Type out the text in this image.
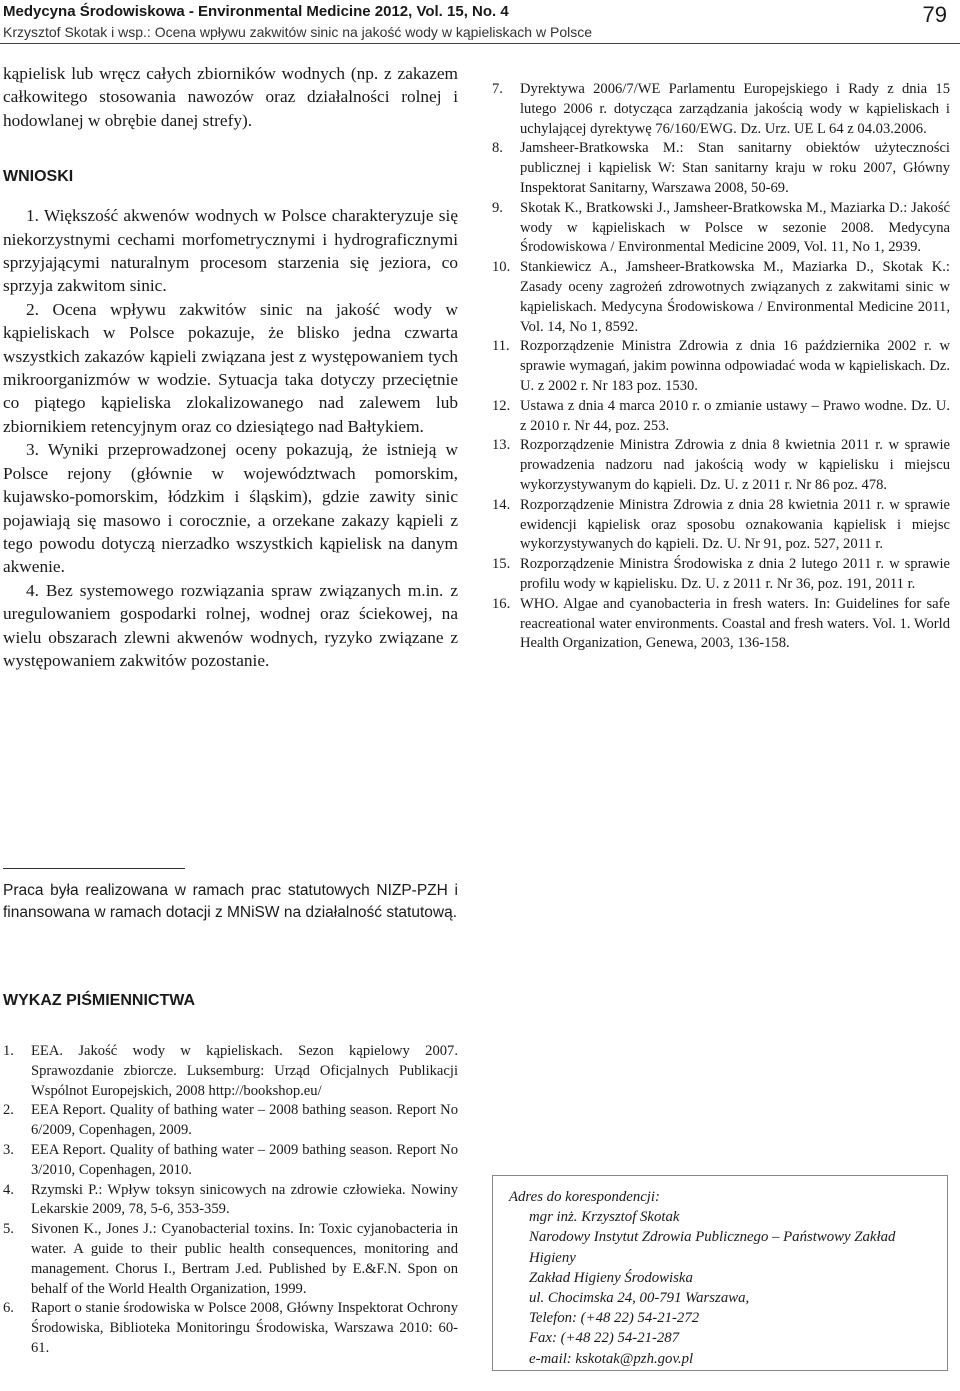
Medycyna Środowiskowa - Environmental Medicine 2012, Vol. 15, No. 4
Krzysztof Skotak i wsp.: Ocena wpływu zakwitów sinic na jakość wody w kąpieliskach w Polsce
79

kąpielisk lub wręcz całych zbiorników wodnych (np. z zakazem całkowitego stosowania nawozów oraz działalności rolnej i hodowlanej w obrębie danej strefy).

WNIOSKI

1. Większość akwenów wodnych w Polsce charakteryzuje się niekorzystnymi cechami morfometrycznymi i hydrograficznymi sprzyjającymi naturalnym procesom starzenia się jeziora, co sprzyja zakwitom sinic.

2. Ocena wpływu zakwitów sinic na jakość wody w kąpieliskach w Polsce pokazuje, że blisko jedna czwarta wszystkich zakazów kąpieli związana jest z występowaniem tych mikroorganizmów w wodzie. Sytuacja taka dotyczy przeciętnie co piątego kąpieliska zlokalizowanego nad zalewem lub zbiornikiem retencyjnym oraz co dziesiątego nad Bałtykiem.

3. Wyniki przeprowadzonej oceny pokazują, że istnieją w Polsce rejony (głównie w województwach pomorskim, kujawsko-pomorskim, łódzkim i śląskim), gdzie zawity sinic pojawiają się masowo i corocznie, a orzekane zakazy kąpieli z tego powodu dotyczą nierzadko wszystkich kąpielisk na danym akwenie.

4. Bez systemowego rozwiązania spraw związanych m.in. z uregulowaniem gospodarki rolnej, wodnej oraz ściekowej, na wielu obszarach zlewni akwenów wodnych, ryzyko związane z występowaniem zakwitów pozostanie.

Praca była realizowana w ramach prac statutowych NIZP-PZH i finansowana w ramach dotacji z MNiSW na działalność statutową.
WYKAZ PIŚMIENNICTWA
1. EEA. Jakość wody w kąpieliskach. Sezon kąpielowy 2007. Sprawozdanie zbiorcze. Luksemburg: Urząd Oficjalnych Publikacji Wspólnot Europejskich, 2008 http://bookshop.eu/
2. EEA Report. Quality of bathing water – 2008 bathing season. Report No 6/2009, Copenhagen, 2009.
3. EEA Report. Quality of bathing water – 2009 bathing season. Report No 3/2010, Copenhagen, 2010.
4. Rzymski P.: Wpływ toksyn sinicowych na zdrowie człowieka. Nowiny Lekarskie 2009, 78, 5-6, 353-359.
5. Sivonen K., Jones J.: Cyanobacterial toxins. In: Toxic cyjanobacteria in water. A guide to their public health consequences, monitoring and management. Chorus I., Bertram J.ed. Published by E.&F.N. Spon on behalf of the World Health Organization, 1999.
6. Raport o stanie środowiska w Polsce 2008, Główny Inspektorat Ochrony Środowiska, Biblioteka Monitoringu Środowiska, Warszawa 2010: 60-61.
7. Dyrektywa 2006/7/WE Parlamentu Europejskiego i Rady z dnia 15 lutego 2006 r. dotycząca zarządzania jakością wody w kąpieliskach i uchylającej dyrektywę 76/160/EWG. Dz. Urz. UE L 64 z 04.03.2006.
8. Jamsheer-Bratkowska M.: Stan sanitarny obiektów użyteczności publicznej i kąpielisk W: Stan sanitarny kraju w roku 2007, Główny Inspektorat Sanitarny, Warszawa 2008, 50-69.
9. Skotak K., Bratkowski J., Jamsheer-Bratkowska M., Maziarka D.: Jakość wody w kąpieliskach w Polsce w sezonie 2008. Medycyna Środowiskowa / Environmental Medicine 2009, Vol. 11, No 1, 2939.
10. Stankiewicz A., Jamsheer-Bratkowska M., Maziarka D., Skotak K.: Zasady oceny zagrożeń zdrowotnych związanych z zakwitami sinic w kąpieliskach. Medycyna Środowiskowa / Environmental Medicine 2011, Vol. 14, No 1, 8592.
11. Rozporządzenie Ministra Zdrowia z dnia 16 października 2002 r. w sprawie wymagań, jakim powinna odpowiadać woda w kąpieliskach. Dz. U. z 2002 r. Nr 183 poz. 1530.
12. Ustawa z dnia 4 marca 2010 r. o zmianie ustawy – Prawo wodne. Dz. U. z 2010 r. Nr 44, poz. 253.
13. Rozporządzenie Ministra Zdrowia z dnia 8 kwietnia 2011 r. w sprawie prowadzenia nadzoru nad jakością wody w kąpielisku i miejscu wykorzystywanym do kąpieli. Dz. U. z 2011 r. Nr 86 poz. 478.
14. Rozporządzenie Ministra Zdrowia z dnia 28 kwietnia 2011 r. w sprawie ewidencji kąpielisk oraz sposobu oznakowania kąpielisk i miejsc wykorzystywanych do kąpieli. Dz. U. Nr 91, poz. 527, 2011 r.
15. Rozporządzenie Ministra Środowiska z dnia 2 lutego 2011 r. w sprawie profilu wody w kąpielisku. Dz. U. z 2011 r. Nr 36, poz. 191, 2011 r.
16. WHO. Algae and cyanobacteria in fresh waters. In: Guidelines for safe reacreational water environments. Coastal and fresh waters. Vol. 1. World Health Organization, Genewa, 2003, 136-158.
Adres do korespondencji:
mgr inż. Krzysztof Skotak
Narodowy Instytut Zdrowia Publicznego – Państwowy Zakład Higieny
Zakład Higieny Środowiska
ul. Chocimska 24, 00-791 Warszawa,
Telefon: (+48 22) 54-21-272
Fax: (+48 22) 54-21-287
e-mail: kskotak@pzh.gov.pl
